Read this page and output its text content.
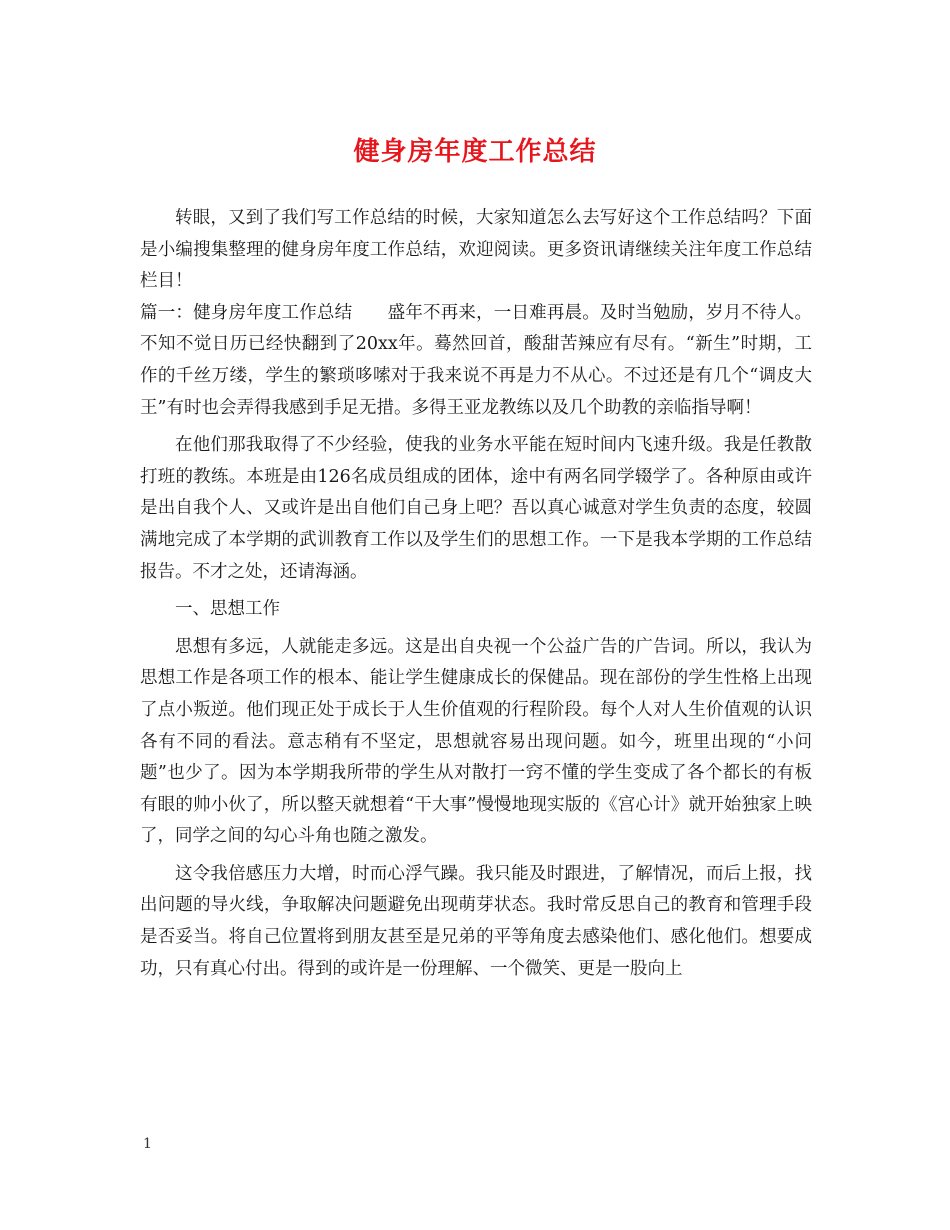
健身房年度工作总结

转眼，又到了我们写工作总结的时候，大家知道怎么去写好这个工作总结吗？下面是小编搜集整理的健身房年度工作总结，欢迎阅读。更多资讯请继续关注年度工作总结栏目！

篇一：健身房年度工作总结　　盛年不再来，一日难再晨。及时当勉励，岁月不待人。不知不觉日历已经快翻到了20xx年。蓦然回首，酸甜苦辣应有尽有。“新生”时期，工作的千丝万缕，学生的繁琐哆嗦对于我来说不再是力不从心。不过还是有几个“调皮大王”有时也会弄得我感到手足无措。多得王亚龙教练以及几个助教的亲临指导啊！

在他们那我取得了不少经验，使我的业务水平能在短时间内飞速升级。我是任教散打班的教练。本班是由126名成员组成的团体，途中有两名同学辍学了。各种原由或许是出自我个人、又或许是出自他们自己身上吧？吾以真心诚意对学生负责的态度，较圆满地完成了本学期的武训教育工作以及学生们的思想工作。一下是我本学期的工作总结报告。不才之处，还请海涵。

一、思想工作

思想有多远，人就能走多远。这是出自央视一个公益广告的广告词。所以，我认为思想工作是各项工作的根本、能让学生健康成长的保健品。现在部份的学生性格上出现了点小叛逆。他们现正处于成长于人生价值观的行程阶段。每个人对人生价值观的认识各有不同的看法。意志稍有不坚定，思想就容易出现问题。如今，班里出现的“小问题”也少了。因为本学期我所带的学生从对散打一窍不懂的学生变成了各个都长的有板有眼的帅小伙了，所以整天就想着“干大事”慢慢地现实版的《宫心计》就开始独家上映了，同学之间的勾心斗角也随之激发。

这令我倍感压力大增，时而心浮气躁。我只能及时跟进，了解情况，而后上报，找出问题的导火线，争取解决问题避免出现萌芽状态。我时常反思自己的教育和管理手段是否妥当。将自己位置将到朋友甚至是兄弟的平等角度去感染他们、感化他们。想要成功，只有真心付出。得到的或许是一份理解、一个微笑、更是一股向上

1
